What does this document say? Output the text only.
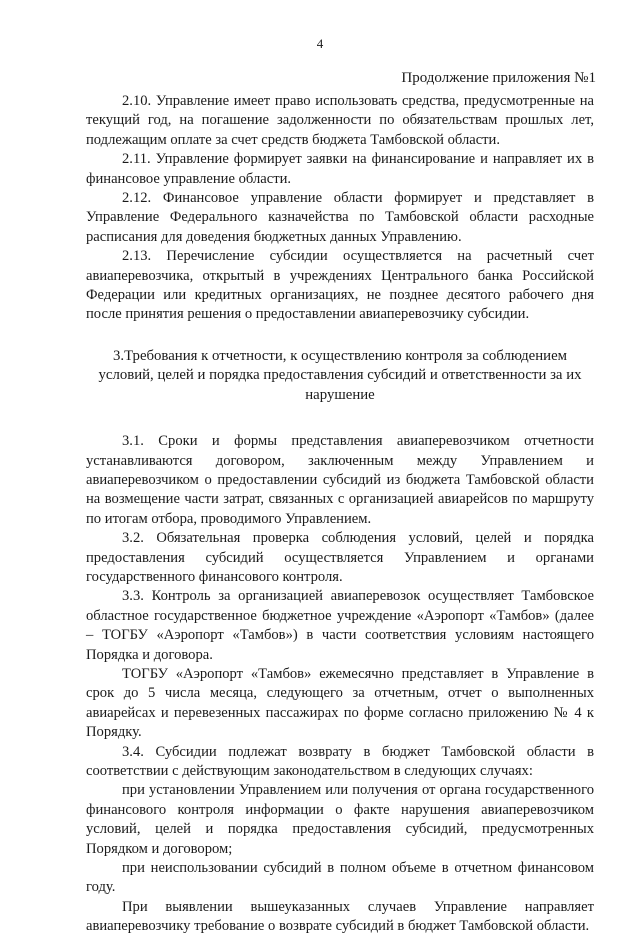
4
Продолжение приложения №1

2.10. Управление имеет право использовать средства, предусмотренные на текущий год, на погашение задолженности по обязательствам прошлых лет, подлежащим оплате за счет средств бюджета Тамбовской области.

2.11. Управление формирует заявки на финансирование и направляет их в финансовое управление области.

2.12. Финансовое управление области формирует и представляет в Управление Федерального казначейства по Тамбовской области расходные расписания для доведения бюджетных данных Управлению.

2.13. Перечисление субсидии осуществляется на расчетный счет авиаперевозчика, открытый в учреждениях Центрального банка Российской Федерации или кредитных организациях, не позднее десятого рабочего дня после принятия решения о предоставлении авиаперевозчику субсидии.

3.Требования к отчетности, к осуществлению контроля за соблюдением условий, целей и порядка предоставления субсидий и ответственности за их нарушение

3.1. Сроки и формы представления авиаперевозчиком отчетности устанавливаются договором, заключенным между Управлением и авиаперевозчиком о предоставлении субсидий из бюджета Тамбовской области на возмещение части затрат, связанных с организацией авиарейсов по маршруту по итогам отбора, проводимого Управлением.

3.2. Обязательная проверка соблюдения условий, целей и порядка предоставления субсидий осуществляется Управлением и органами государственного финансового контроля.

3.3. Контроль за организацией авиаперевозок осуществляет Тамбовское областное государственное бюджетное учреждение «Аэропорт «Тамбов» (далее – ТОГБУ «Аэропорт «Тамбов») в части соответствия условиям настоящего Порядка и договора.

ТОГБУ «Аэропорт «Тамбов» ежемесячно представляет в Управление в срок до 5 числа месяца, следующего за отчетным, отчет о выполненных авиарейсах и перевезенных пассажирах по форме согласно приложению № 4 к Порядку.

3.4. Субсидии подлежат возврату в бюджет Тамбовской области в соответствии с действующим законодательством в следующих случаях:

при установлении Управлением или получения от органа государственного финансового контроля информации о факте нарушения авиаперевозчиком условий, целей и порядка предоставления субсидий, предусмотренных Порядком и договором;

при неиспользовании субсидий в полном объеме в отчетном финансовом году.

При выявлении вышеуказанных случаев Управление направляет авиаперевозчику требование о возврате субсидий в бюджет Тамбовской области.
